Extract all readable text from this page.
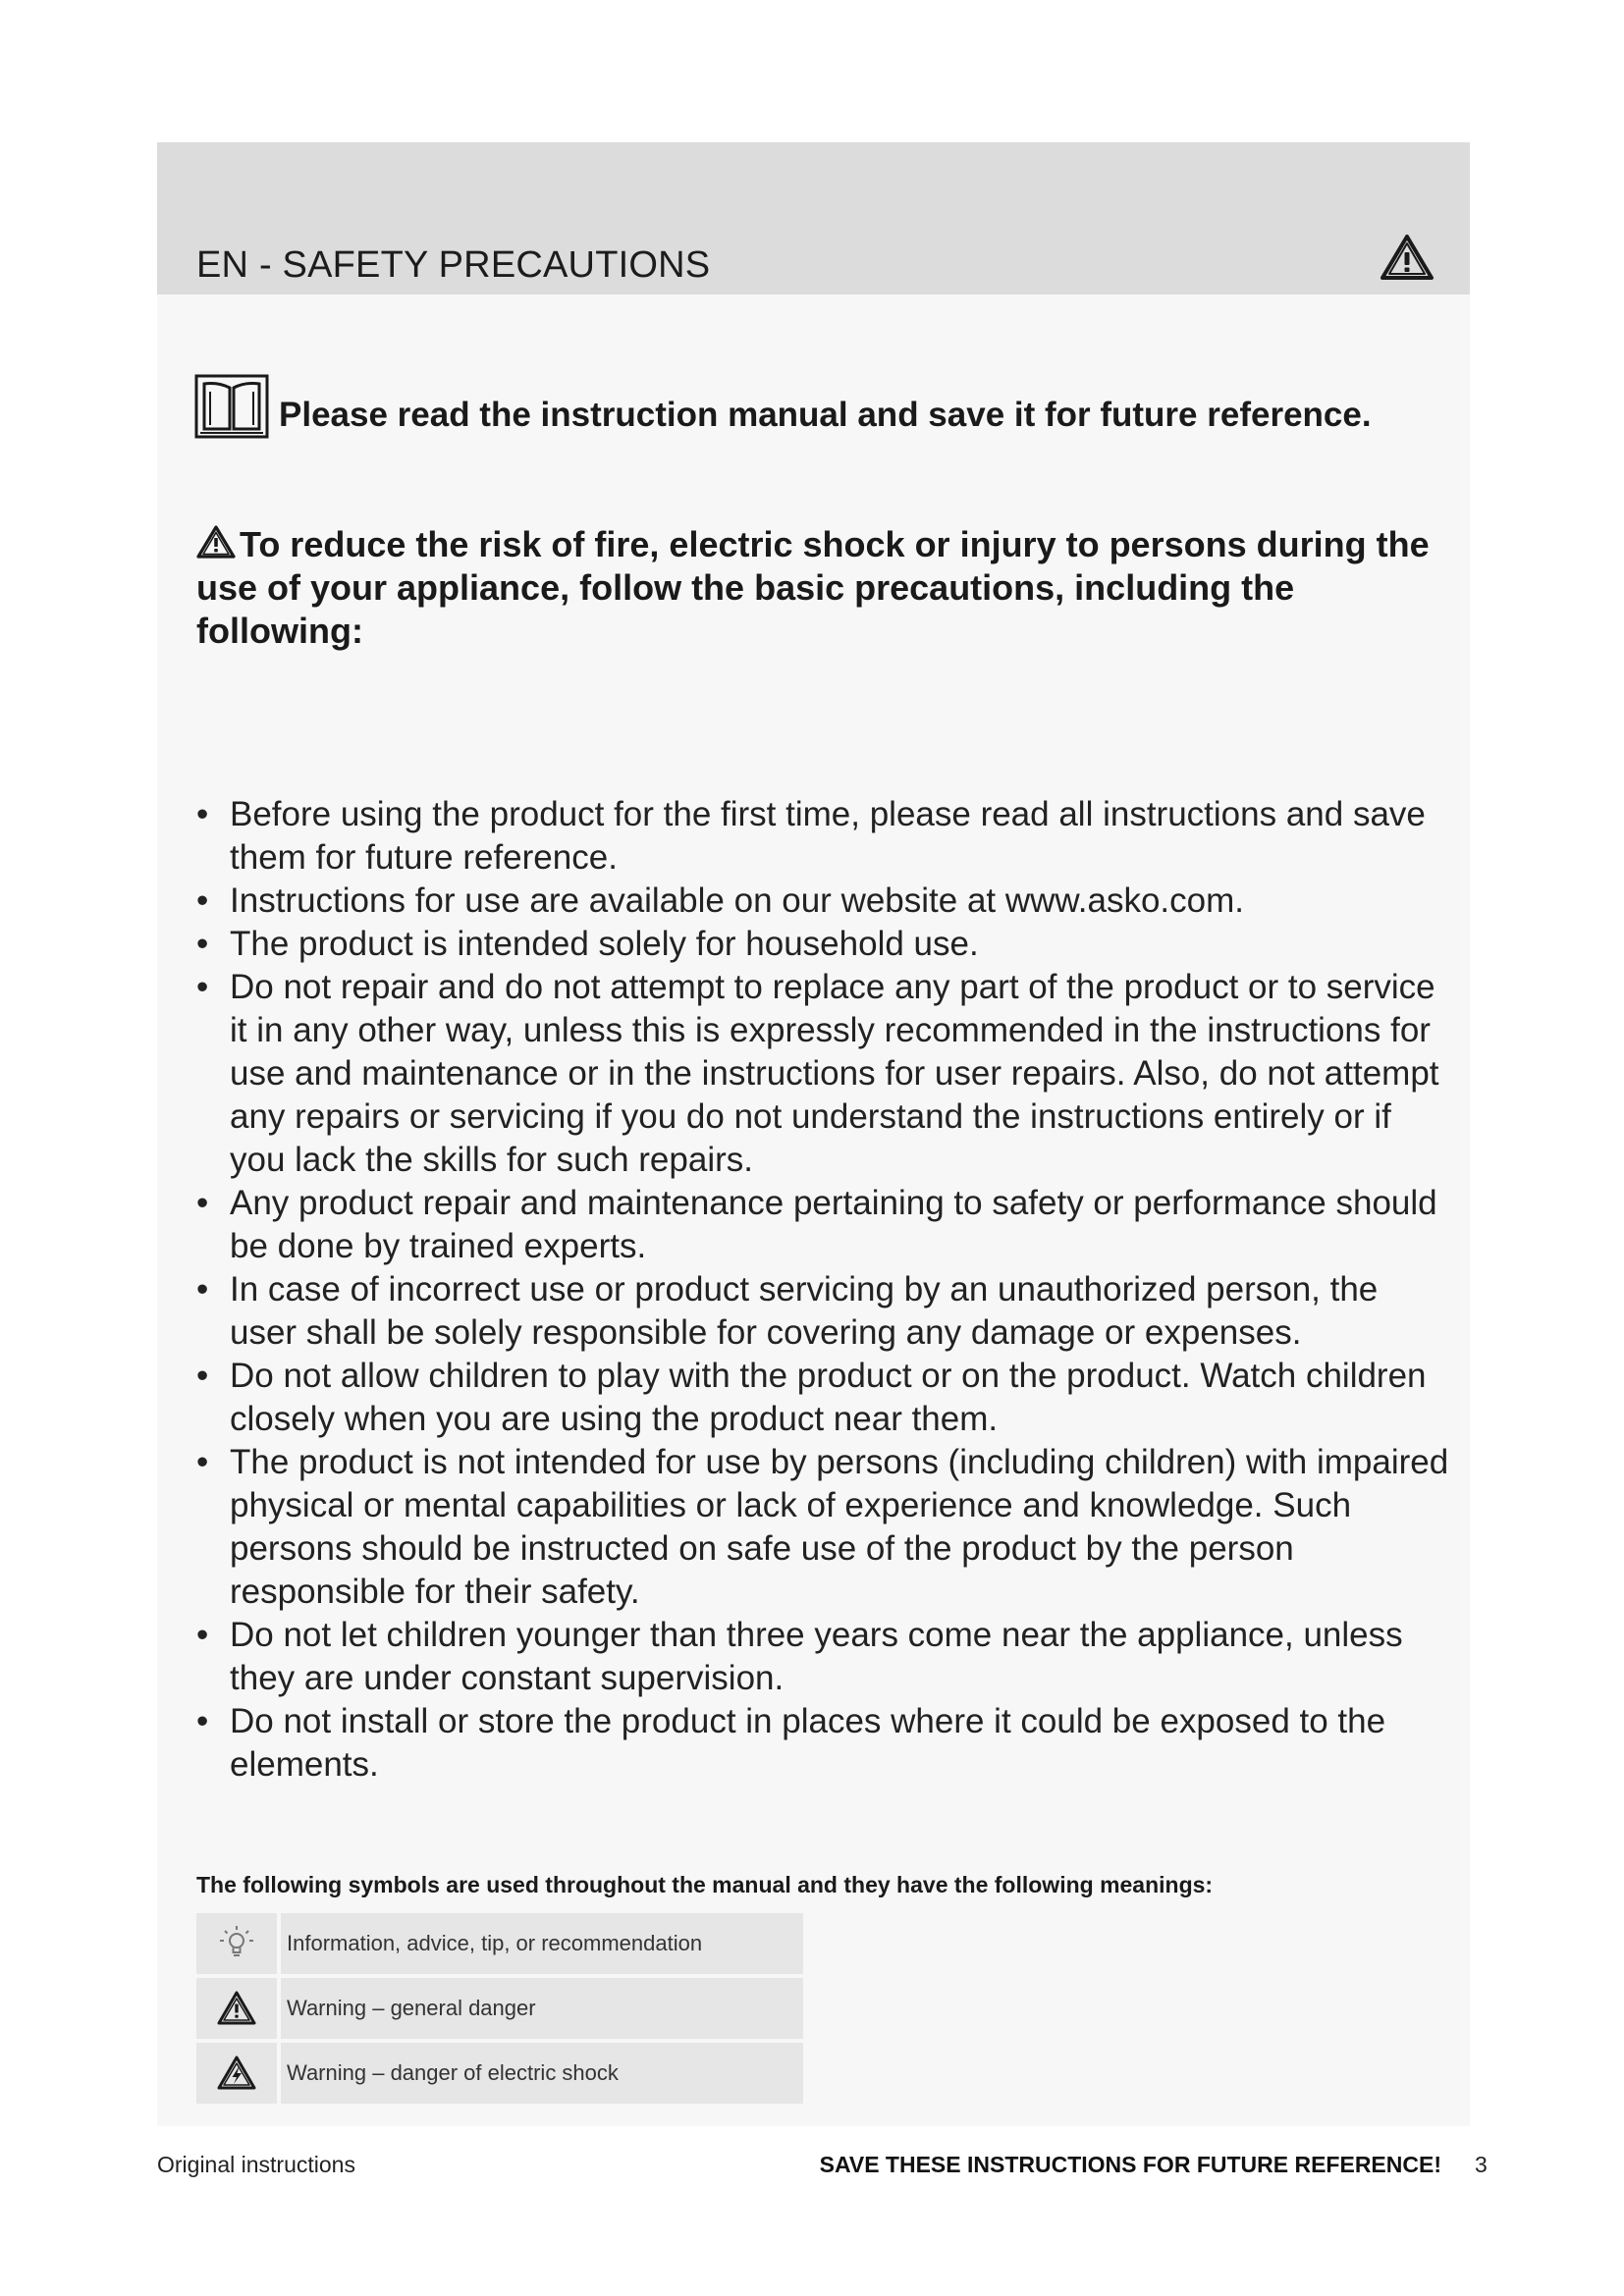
EN - SAFETY PRECAUTIONS
Please read the instruction manual and save it for future reference.
To reduce the risk of fire, electric shock or injury to persons during the use of your appliance, follow the basic precautions, including the following:
• Before using the product for the first time, please read all instructions and save them for future reference.
• Instructions for use are available on our website at www.asko.com.
• The product is intended solely for household use.
• Do not repair and do not attempt to replace any part of the product or to service it in any other way, unless this is expressly recommended in the instructions for use and maintenance or in the instructions for user repairs. Also, do not attempt any repairs or servicing if you do not understand the instructions entirely or if you lack the skills for such repairs.
• Any product repair and maintenance pertaining to safety or performance should be done by trained experts.
• In case of incorrect use or product servicing by an unauthorized person, the user shall be solely responsible for covering any damage or expenses.
• Do not allow children to play with the product or on the product. Watch children closely when you are using the product near them.
• The product is not intended for use by persons (including children) with impaired physical or mental capabilities or lack of experience and knowledge. Such persons should be instructed on safe use of the product by the person responsible for their safety.
• Do not let children younger than three years come near the appliance, unless they are under constant supervision.
• Do not install or store the product in places where it could be exposed to the elements.
The following symbols are used throughout the manual and they have the following meanings:
	Information, advice, tip, or recommendation
	Warning – general danger
	Warning – danger of electric shock
Original instructions	SAVE THESE INSTRUCTIONS FOR FUTURE REFERENCE! 3
